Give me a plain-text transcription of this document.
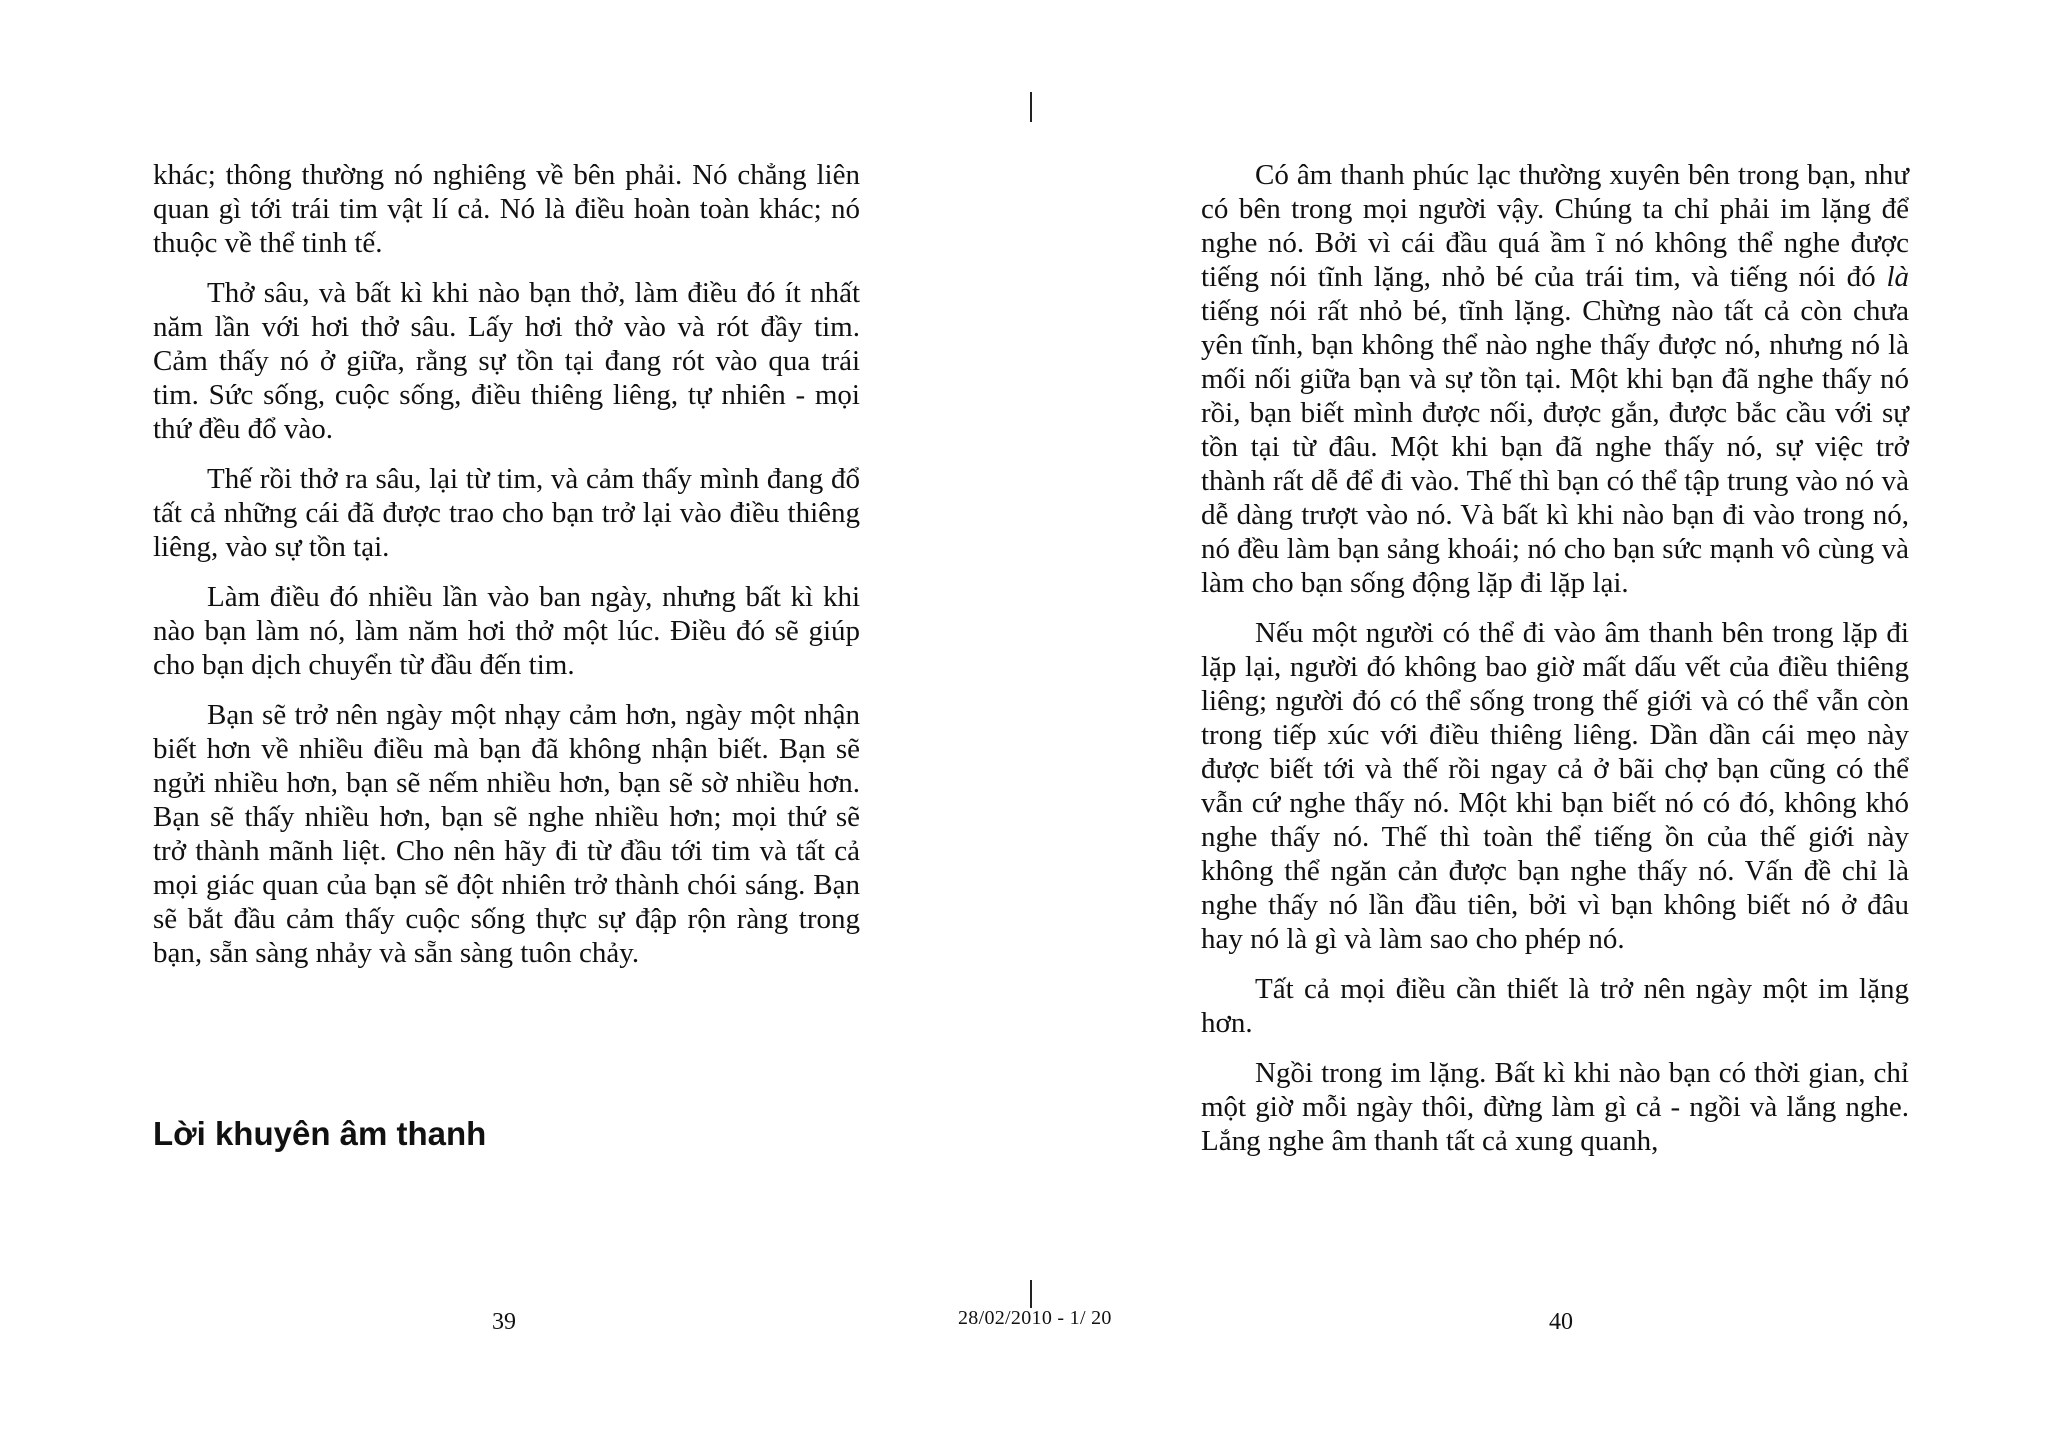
khác; thông thường nó nghiêng về bên phải. Nó chẳng liên quan gì tới trái tim vật lí cả. Nó là điều hoàn toàn khác; nó thuộc về thể tinh tế.

Thở sâu, và bất kì khi nào bạn thở, làm điều đó ít nhất năm lần với hơi thở sâu. Lấy hơi thở vào và rót đầy tim. Cảm thấy nó ở giữa, rằng sự tồn tại đang rót vào qua trái tim. Sức sống, cuộc sống, điều thiêng liêng, tự nhiên - mọi thứ đều đổ vào.

Thế rồi thở ra sâu, lại từ tim, và cảm thấy mình đang đổ tất cả những cái đã được trao cho bạn trở lại vào điều thiêng liêng, vào sự tồn tại.

Làm điều đó nhiều lần vào ban ngày, nhưng bất kì khi nào bạn làm nó, làm năm hơi thở một lúc. Điều đó sẽ giúp cho bạn dịch chuyển từ đầu đến tim.

Bạn sẽ trở nên ngày một nhạy cảm hơn, ngày một nhận biết hơn về nhiều điều mà bạn đã không nhận biết. Bạn sẽ ngửi nhiều hơn, bạn sẽ nếm nhiều hơn, bạn sẽ sờ nhiều hơn. Bạn sẽ thấy nhiều hơn, bạn sẽ nghe nhiều hơn; mọi thứ sẽ trở thành mãnh liệt. Cho nên hãy đi từ đầu tới tim và tất cả mọi giác quan của bạn sẽ đột nhiên trở thành chói sáng. Bạn sẽ bắt đầu cảm thấy cuộc sống thực sự đập rộn ràng trong bạn, sẵn sàng nhảy và sẵn sàng tuôn chảy.

Lời khuyên âm thanh

Có âm thanh phúc lạc thường xuyên bên trong bạn, như có bên trong mọi người vậy. Chúng ta chỉ phải im lặng để nghe nó. Bởi vì cái đầu quá ầm ĩ nó không thể nghe được tiếng nói tĩnh lặng, nhỏ bé của trái tim, và tiếng nói đó là tiếng nói rất nhỏ bé, tĩnh lặng. Chừng nào tất cả còn chưa yên tĩnh, bạn không thể nào nghe thấy được nó, nhưng nó là mối nối giữa bạn và sự tồn tại. Một khi bạn đã nghe thấy nó rồi, bạn biết mình được nối, được gắn, được bắc cầu với sự tồn tại từ đâu. Một khi bạn đã nghe thấy nó, sự việc trở thành rất dễ để đi vào. Thế thì bạn có thể tập trung vào nó và dễ dàng trượt vào nó. Và bất kì khi nào bạn đi vào trong nó, nó đều làm bạn sảng khoái; nó cho bạn sức mạnh vô cùng và làm cho bạn sống động lặp đi lặp lại.

Nếu một người có thể đi vào âm thanh bên trong lặp đi lặp lại, người đó không bao giờ mất dấu vết của điều thiêng liêng; người đó có thể sống trong thế giới và có thể vẫn còn trong tiếp xúc với điều thiêng liêng. Dần dần cái mẹo này được biết tới và thế rồi ngay cả ở bãi chợ bạn cũng có thể vẫn cứ nghe thấy nó. Một khi bạn biết nó có đó, không khó nghe thấy nó. Thế thì toàn thể tiếng ồn của thế giới này không thể ngăn cản được bạn nghe thấy nó. Vấn đề chỉ là nghe thấy nó lần đầu tiên, bởi vì bạn không biết nó ở đâu hay nó là gì và làm sao cho phép nó.

Tất cả mọi điều cần thiết là trở nên ngày một im lặng hơn.

Ngồi trong im lặng. Bất kì khi nào bạn có thời gian, chỉ một giờ mỗi ngày thôi, đừng làm gì cả - ngồi và lắng nghe. Lắng nghe âm thanh tất cả xung quanh,

39	28/02/2010 - 1/ 20	40
